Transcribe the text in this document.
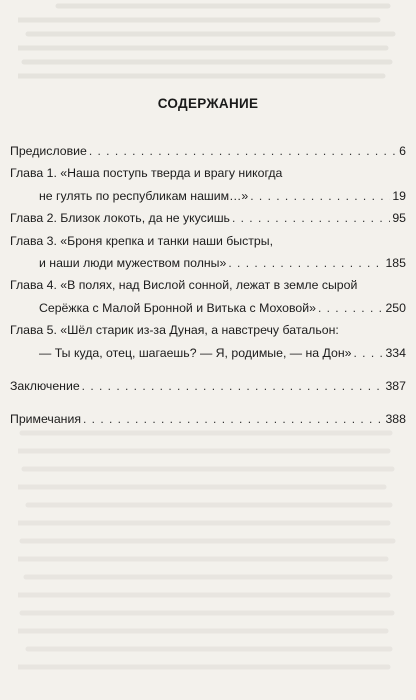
СОДЕРЖАНИЕ
Предисловие . . .	6
Глава 1. «Наша поступь тверда и врагу никогда
не гулять по республикам нашим…» . . .	19
Глава 2. Близок локоть, да не укусишь . . .	95
Глава 3. «Броня крепка и танки наши быстры,
и наши люди мужеством полны» . . .	185
Глава 4. «В полях, над Вислой сонной, лежат в земле сырой
Серёжка с Малой Бронной и Витька с Моховой» . . .	250
Глава 5. «Шёл старик из-за Дуная, а навстречу батальон:
— Ты куда, отец, шагаешь? — Я, родимые, — на Дон» . . .	334
Заключение . . .	387
Примечания . . .	388
